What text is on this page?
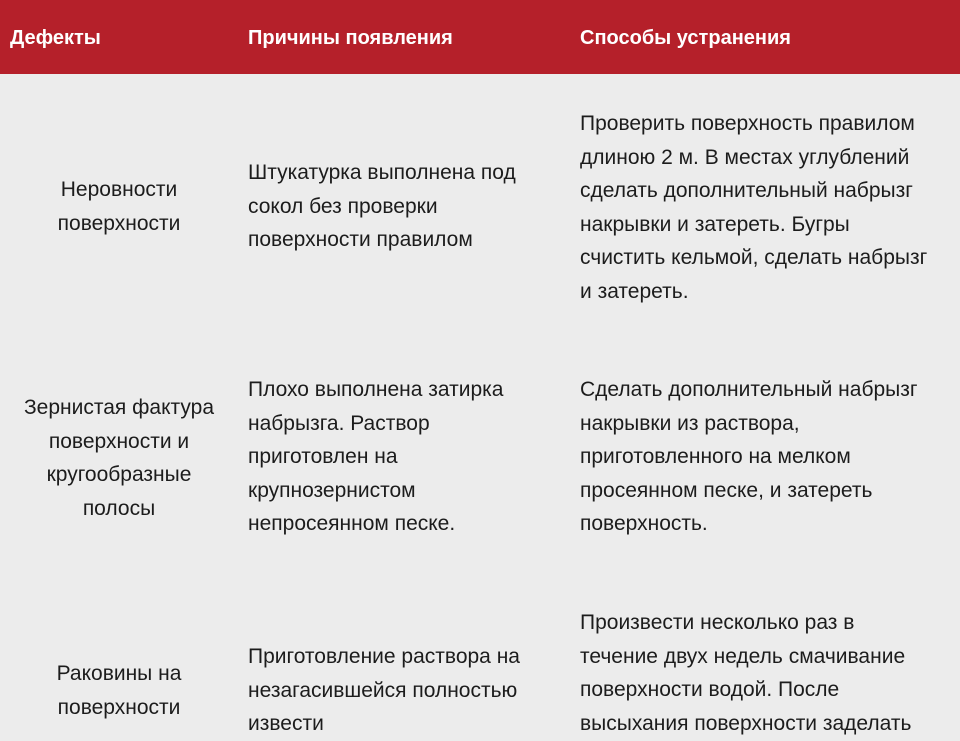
Дефекты	Причины появления	Способы устранения
Неровности
поверхности
Штукатурка выполнена под
сокол без проверки
поверхности правилом
Проверить поверхность правилом
длиною 2 м. В местах углублений
сделать дополнительный набрызг
накрывки и затереть. Бугры
счистить кельмой, сделать набрызг
и затереть.
Зернистая фактура
поверхности и
кругообразные
полосы
Плохо выполнена затирка
набрызга. Раствор
приготовлен на
крупнозернистом
непросеянном песке.
Сделать дополнительный набрызг
накрывки из раствора,
приготовленного на мелком
просеянном песке, и затереть
поверхность.
Раковины на
поверхности
Приготовление раствора на
незагасившейся полностью
извести
Произвести несколько раз в
течение двух недель смачивание
поверхности водой. После
высыхания поверхности заделать
